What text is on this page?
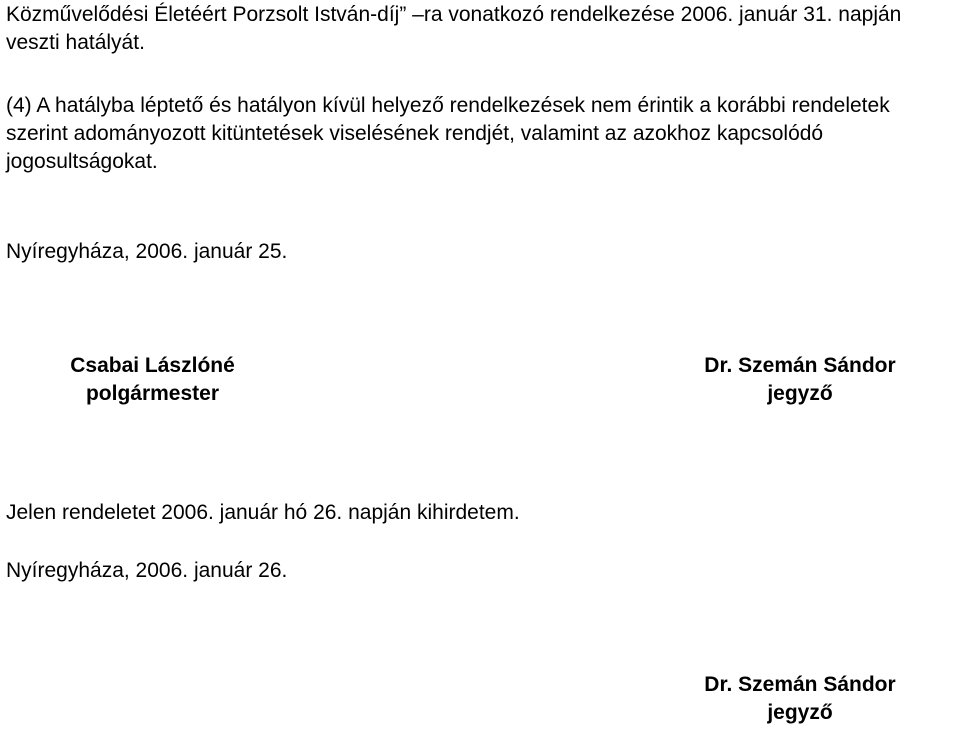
Közművelődési Életéért Porzsolt István-díj” –ra vonatkozó rendelkezése 2006. január 31. napján veszti hatályát.

(4) A hatályba léptető és hatályon kívül helyező rendelkezések nem érintik a korábbi rendeletek szerint adományozott kitüntetések viselésének rendjét, valamint az azokhoz kapcsolódó jogosultságokat.

Nyíregyháza, 2006. január 25.

Csabai Lászlóné
polgármester
Dr. Szemán Sándor
jegyző

Jelen rendeletet 2006. január hó 26. napján kihirdetem.

Nyíregyháza, 2006. január 26.

Dr. Szemán Sándor
jegyző
